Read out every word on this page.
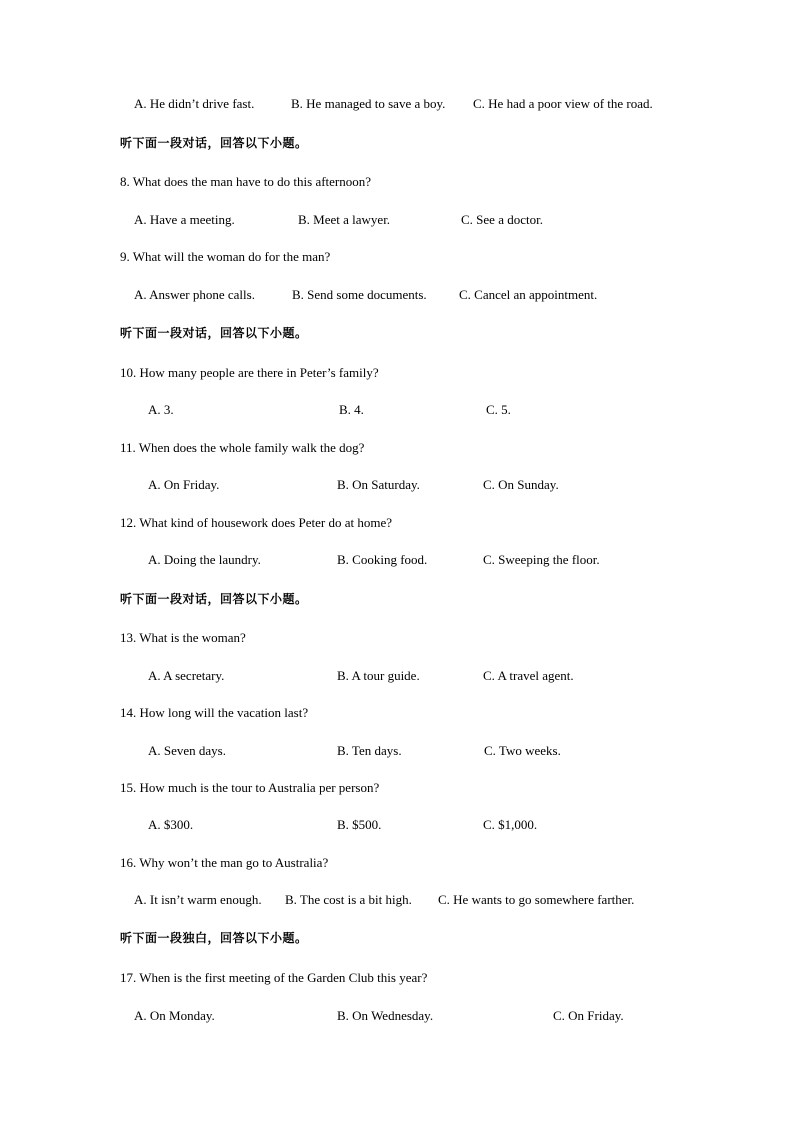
A. He didn’t drive fast.	B. He managed to save a boy. C. He had a poor view of the road.
听下面一段对话，回答以下小题。
8. What does the man have to do this afternoon?
A. Have a meeting.	B. Meet a lawyer.	C. See a doctor.
9. What will the woman do for the man?
A. Answer phone calls.	B. Send some documents. C. Cancel an appointment.
听下面一段对话，回答以下小题。
10. How many people are there in Peter’s family?
A. 3.	B. 4.	C. 5.
11. When does the whole family walk the dog?
A. On Friday.	B. On Saturday.	C. On Sunday.
12. What kind of housework does Peter do at home?
A. Doing the laundry.	B. Cooking food.	C. Sweeping the floor.
听下面一段对话，回答以下小题。
13. What is the woman?
A. A secretary.	B. A tour guide.	C. A travel agent.
14. How long will the vacation last?
A. Seven days.	B. Ten days.	C. Two weeks.
15. How much is the tour to Australia per person?
A. $300.	B. $500.	C. $1,000.
16. Why won’t the man go to Australia?
A. It isn’t warm enough. B. The cost is a bit high. C. He wants to go somewhere farther.
听下面一段独白，回答以下小题。
17. When is the first meeting of the Garden Club this year?
A. On Monday.	B. On Wednesday.	C. On Friday.
